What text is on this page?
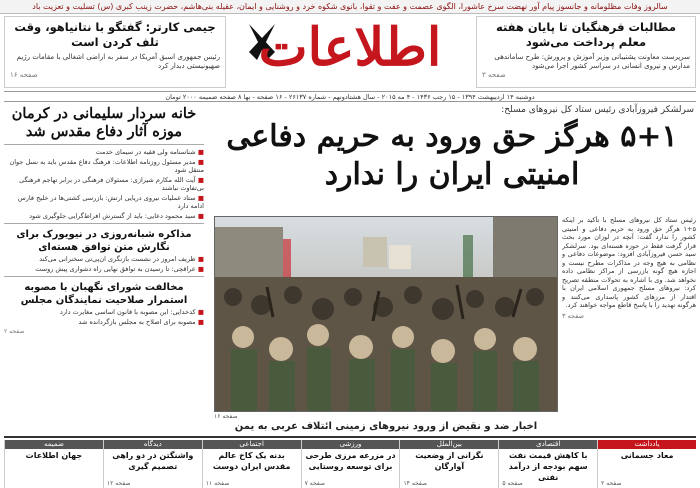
سالروز وفات مظلومانه و جانسوز پیام آور نهضت سرخ عاشورا، الگوی عصمت و عفت و تقوا، بانوی شکوه خرد و روشنایی و ایمان، عقیله بنی‌هاشم، حضرت زینب کبری (س) تسلیت و تعزیت باد
اطلاعات	مطالبات فرهنگیان تا پایان هفته معلم پرداخت می‌شود
سرپرست معاونت پشتیبانی وزیر آموزش و پرورش: طرح ساماندهی مدارس و نیروی انسانی در سراسر کشور اجرا می‌شود
صفحه ۳
جیمی کارتر: گفتگو با نتانیاهو، وقت تلف کردن است
رئیس جمهوری اسبق آمریکا در سفر به اراضی اشغالی با مقامات رژیم صهیونیستی دیدار کرد
صفحه ۱۶
دوشنبه ۱۴ اردیبهشت ۱۳۹۴ - ۱۵ رجب ۱۴۳۶ - ۴ مه ۲۰۱۵ - سال هشتادونهم - شماره ۲۶۱۳۷ - ۱۶ صفحه - بها ۸ صفحه ضمیمه ۲۰۰۰ تومان
سرلشکر فیروزآبادی رئیس ستاد کل نیروهای مسلح:
۵+۱ هرگز حق ورود به حریم دفاعی
امنیتی ایران را ندارد
صفحه ۱۶
اخبار ضد و نقیض از ورود نیروهای زمینی ائتلاف عربی به یمن
رئیس ستاد کل نیروهای مسلح با تأکید بر اینکه ۵+۱ هرگز حق ورود به حریم دفاعی و امنیتی کشور را ندارد گفت: آنچه در لوزان مورد بحث قرار گرفت فقط در حوزه هسته‌ای بود. سرلشکر سید حسن فیروزآبادی افزود: موضوعات دفاعی و نظامی به هیچ وجه در مذاکرات مطرح نیست و اجازه هیچ گونه بازرسی از مراکز نظامی داده نخواهد شد. وی با اشاره به تحولات منطقه تصریح کرد: نیروهای مسلح جمهوری اسلامی ایران با اقتدار از مرزهای کشور پاسداری می‌کنند و هرگونه تهدید را با پاسخ قاطع مواجه خواهند کرد.
صفحه ۳
خانه سردار سلیمانی در کرمان موزه آثار دفاع مقدس شد
■ شناسنامه ولی فقیه در سیمای خدمت
■ مدیر مسئول روزنامه اطلاعات: فرهنگ دفاع مقدس باید به نسل جوان منتقل شود
■ آیت الله مکارم شیرازی: مسئولان فرهنگی در برابر تهاجم فرهنگی بی‌تفاوت نباشند
■ ستاد عملیات نیروی دریایی ارتش: بازرسی کشتی‌ها در خلیج فارس ادامه دارد
■ سید محمود دعایی: باید از گسترش افراط‌گرایی جلوگیری شود
مذاکره شبانه‌روزی در نیویورک برای نگارش متن توافق هسته‌ای
■ ظریف امروز در نشست بازنگری ان‌پی‌تی سخنرانی می‌کند
■ عراقچی: تا رسیدن به توافق نهایی راه دشواری پیش روست
مخالفت شورای نگهبان با مصوبه استمرار صلاحیت نمایندگان مجلس
■ کدخدایی: این مصوبه با قانون اساسی مغایرت دارد
■ مصوبه برای اصلاح به مجلس بازگردانده شد
صفحه ۲
یادداشت
معاد جسمانی
صفحه ۲
اقتصادی
با کاهش قیمت نفت سهم بودجه از درآمد نفتی
صفحه ۵
بین‌الملل
نگرانی از وضعیت آوارگان
صفحه ۱۴
ورزشی
در مزرعه مرزی طرحی برای توسعه روستایی
صفحه ۷
اجتماعی
بدنه یک کاخ عالم مقدس ایران دوست
صفحه ۱۱
دیدگاه
واشنگتن در دو راهی تصمیم گیری
صفحه ۱۲
ضمیمه
جهان اطلاعات
